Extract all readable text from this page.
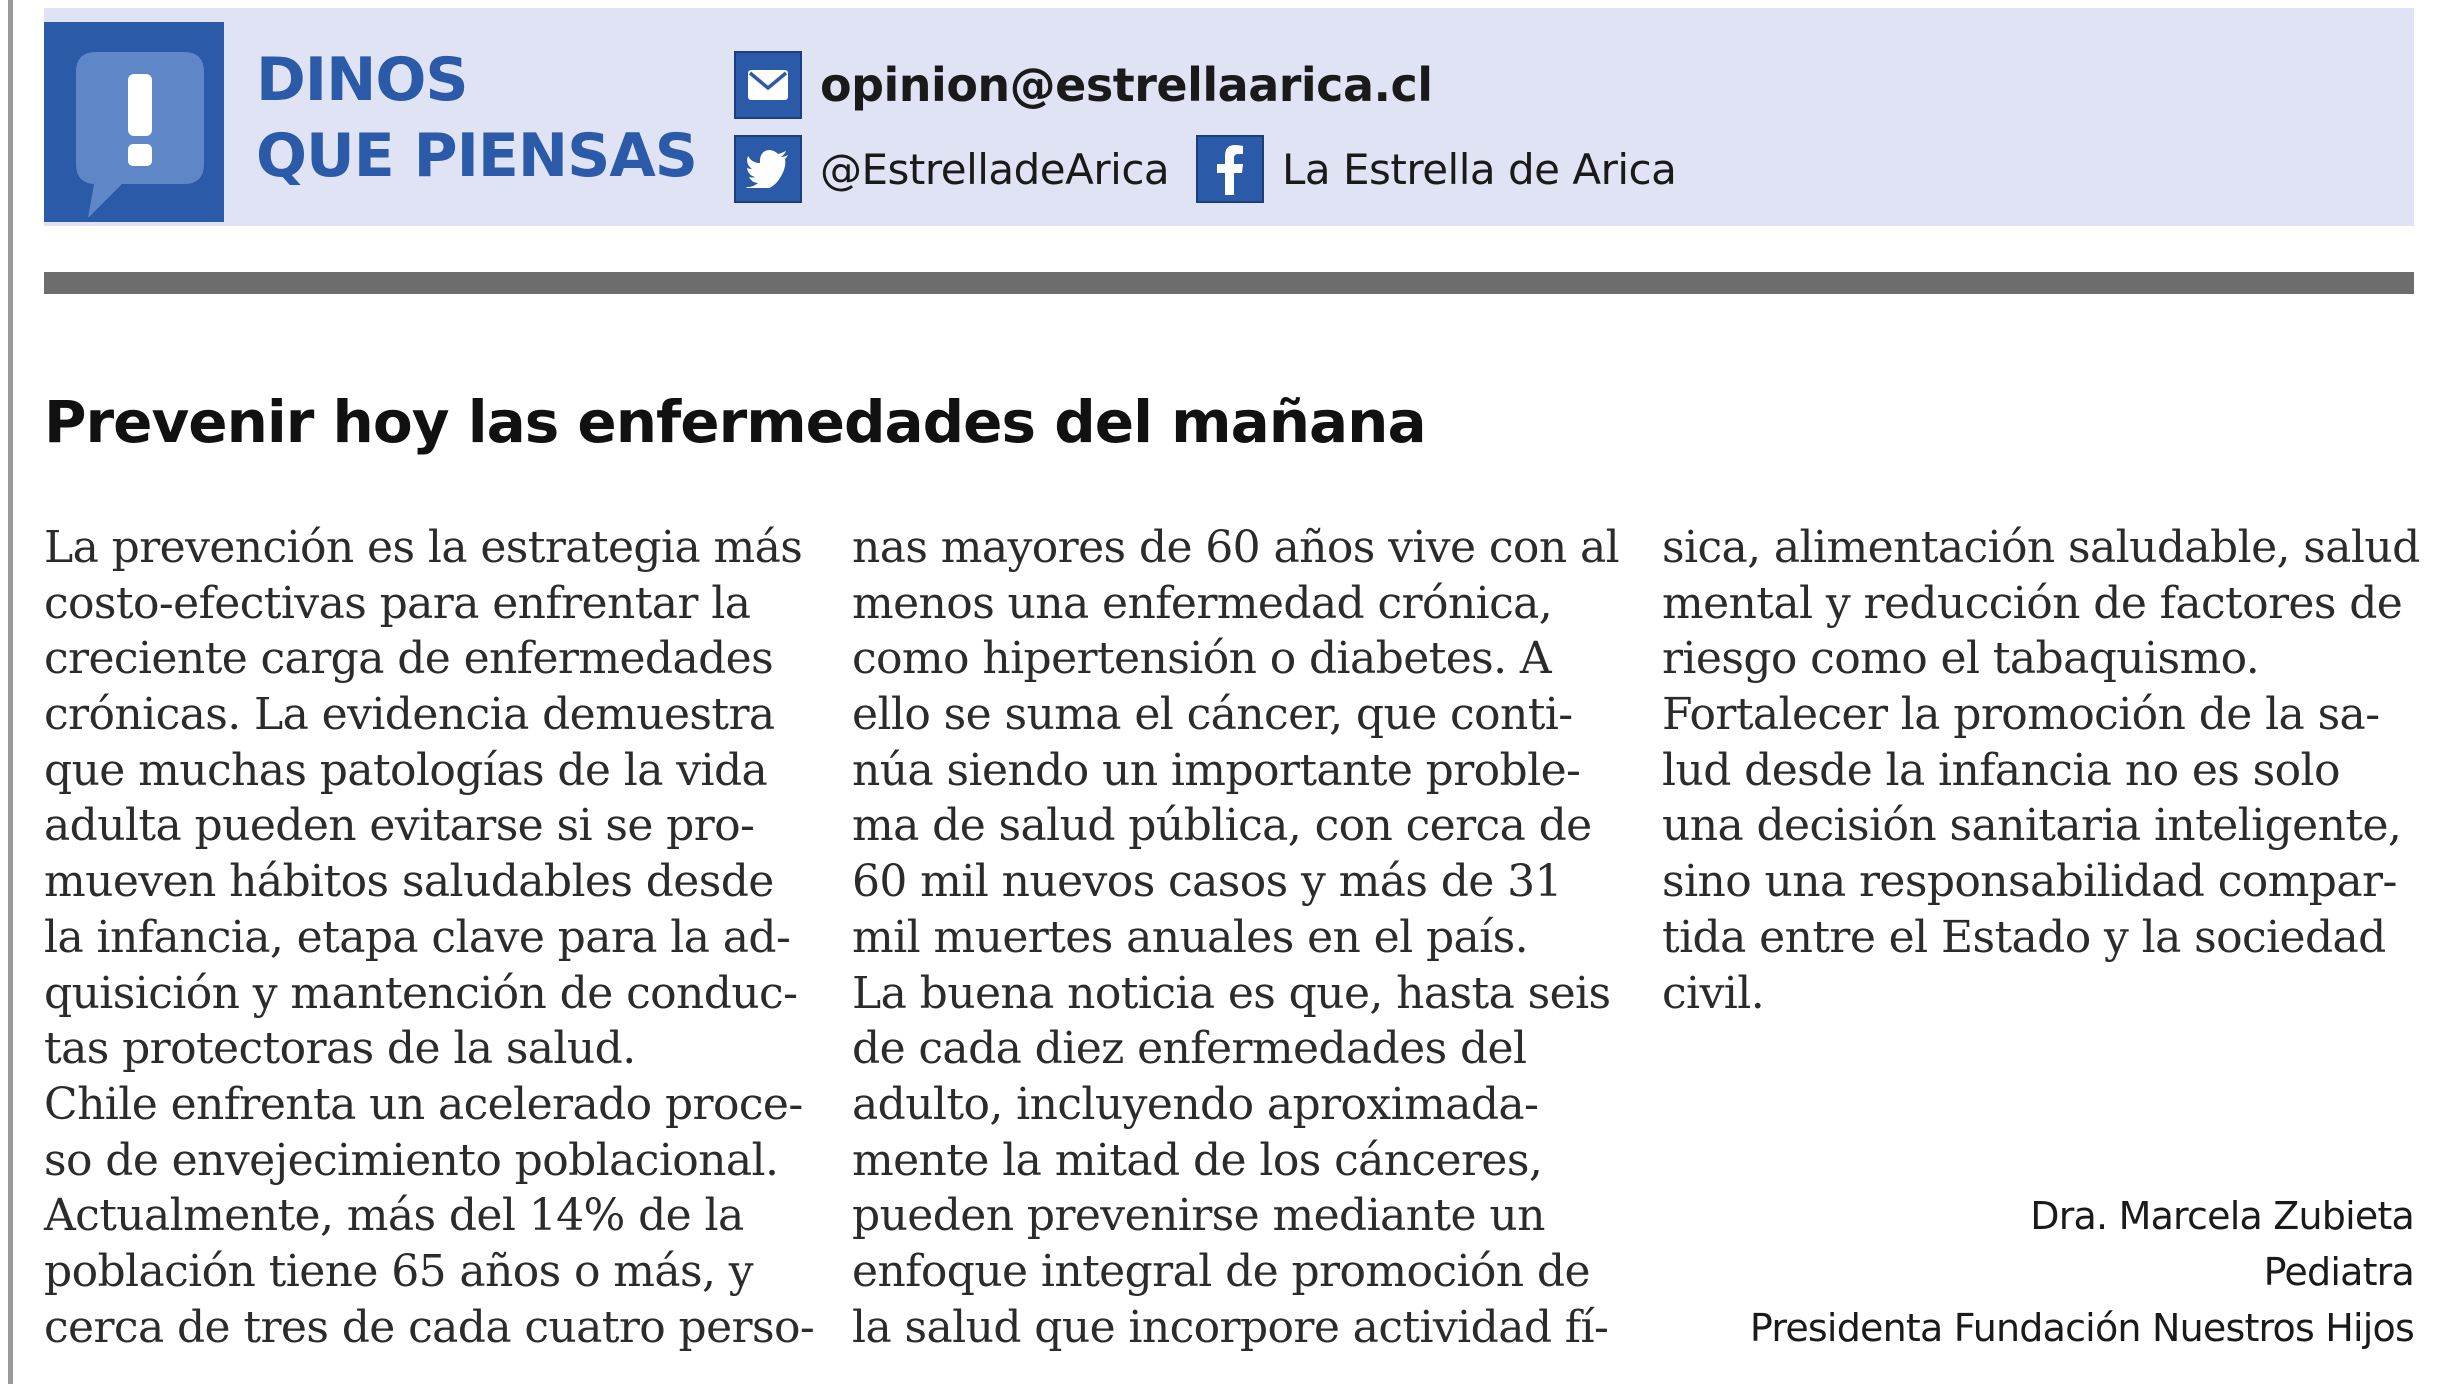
DINOS
QUE PIENSAS
opinion@estrellaarica.cl
@EstrelladeArica	La Estrella de Arica
Prevenir hoy las enfermedades del mañana
La prevención es la estrategia más
costo-efectivas para enfrentar la
creciente carga de enfermedades
crónicas. La evidencia demuestra
que muchas patologías de la vida
adulta pueden evitarse si se pro-
mueven hábitos saludables desde
la infancia, etapa clave para la ad-
quisición y mantención de conduc-
tas protectoras de la salud.
Chile enfrenta un acelerado proce-
so de envejecimiento poblacional.
Actualmente, más del 14% de la
población tiene 65 años o más, y
cerca de tres de cada cuatro perso-
nas mayores de 60 años vive con al
menos una enfermedad crónica,
como hipertensión o diabetes. A
ello se suma el cáncer, que conti-
núa siendo un importante proble-
ma de salud pública, con cerca de
60 mil nuevos casos y más de 31
mil muertes anuales en el país.
La buena noticia es que, hasta seis
de cada diez enfermedades del
adulto, incluyendo aproximada-
mente la mitad de los cánceres,
pueden prevenirse mediante un
enfoque integral de promoción de
la salud que incorpore actividad fí-
sica, alimentación saludable, salud
mental y reducción de factores de
riesgo como el tabaquismo.
Fortalecer la promoción de la sa-
lud desde la infancia no es solo
una decisión sanitaria inteligente,
sino una responsabilidad compar-
tida entre el Estado y la sociedad
civil.
Dra. Marcela Zubieta
Pediatra
Presidenta Fundación Nuestros Hijos
